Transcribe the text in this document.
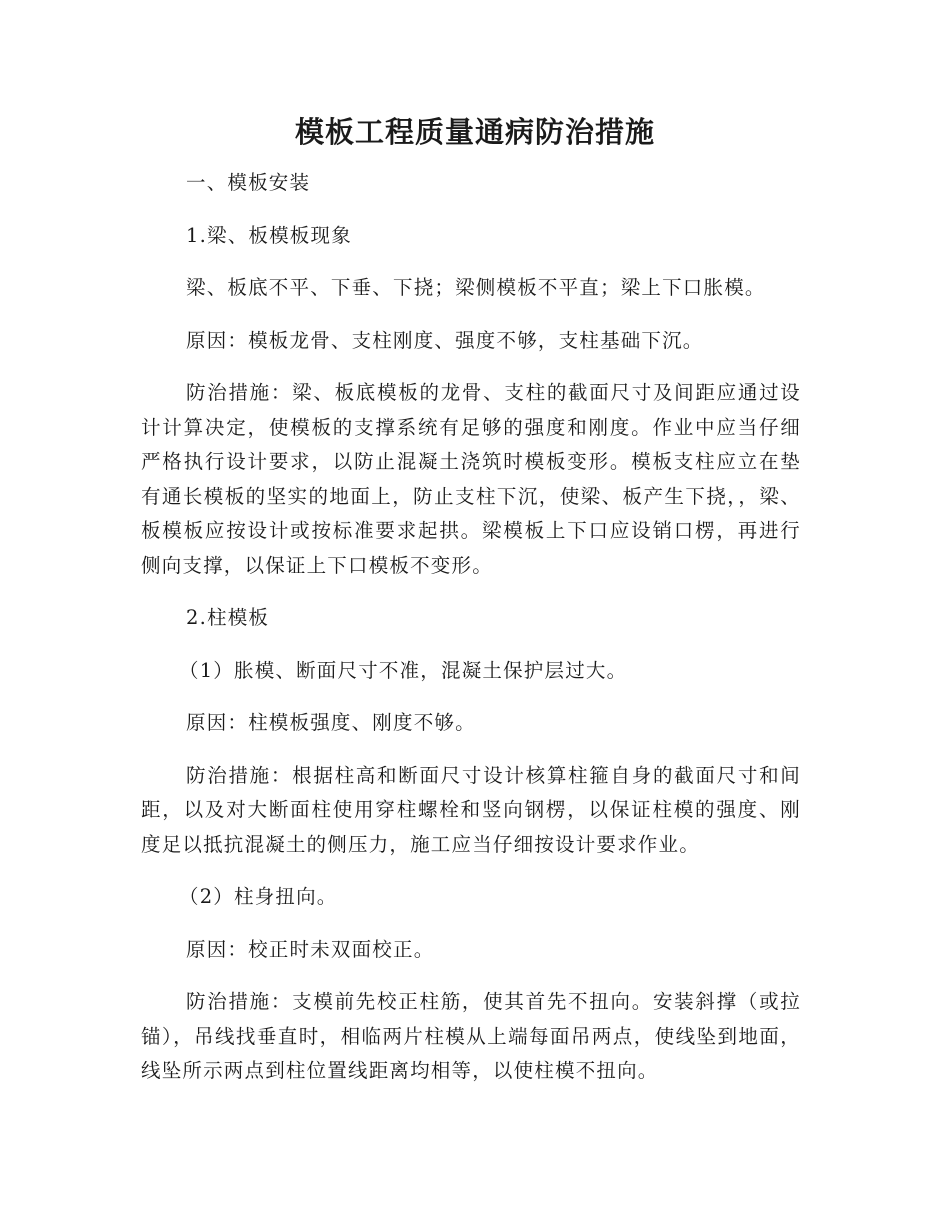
模板工程质量通病防治措施

一、模板安装

1.梁、板模板现象

梁、板底不平、下垂、下挠；梁侧模板不平直；梁上下口胀模。

原因：模板龙骨、支柱刚度、强度不够，支柱基础下沉。

防治措施：梁、板底模板的龙骨、支柱的截面尺寸及间距应通过设计计算决定，使模板的支撑系统有足够的强度和刚度。作业中应当仔细严格执行设计要求，以防止混凝土浇筑时模板变形。模板支柱应立在垫有通长模板的坚实的地面上，防止支柱下沉，使梁、板产生下挠，，梁、板模板应按设计或按标准要求起拱。梁模板上下口应设销口楞，再进行侧向支撑，以保证上下口模板不变形。

2.柱模板

（1）胀模、断面尺寸不准，混凝土保护层过大。

原因：柱模板强度、刚度不够。

防治措施：根据柱高和断面尺寸设计核算柱箍自身的截面尺寸和间距，以及对大断面柱使用穿柱螺栓和竖向钢楞，以保证柱模的强度、刚度足以抵抗混凝土的侧压力，施工应当仔细按设计要求作业。

（2）柱身扭向。

原因：校正时未双面校正。

防治措施：支模前先校正柱筋，使其首先不扭向。安装斜撑（或拉锚），吊线找垂直时，相临两片柱模从上端每面吊两点，使线坠到地面，线坠所示两点到柱位置线距离均相等，以使柱模不扭向。
